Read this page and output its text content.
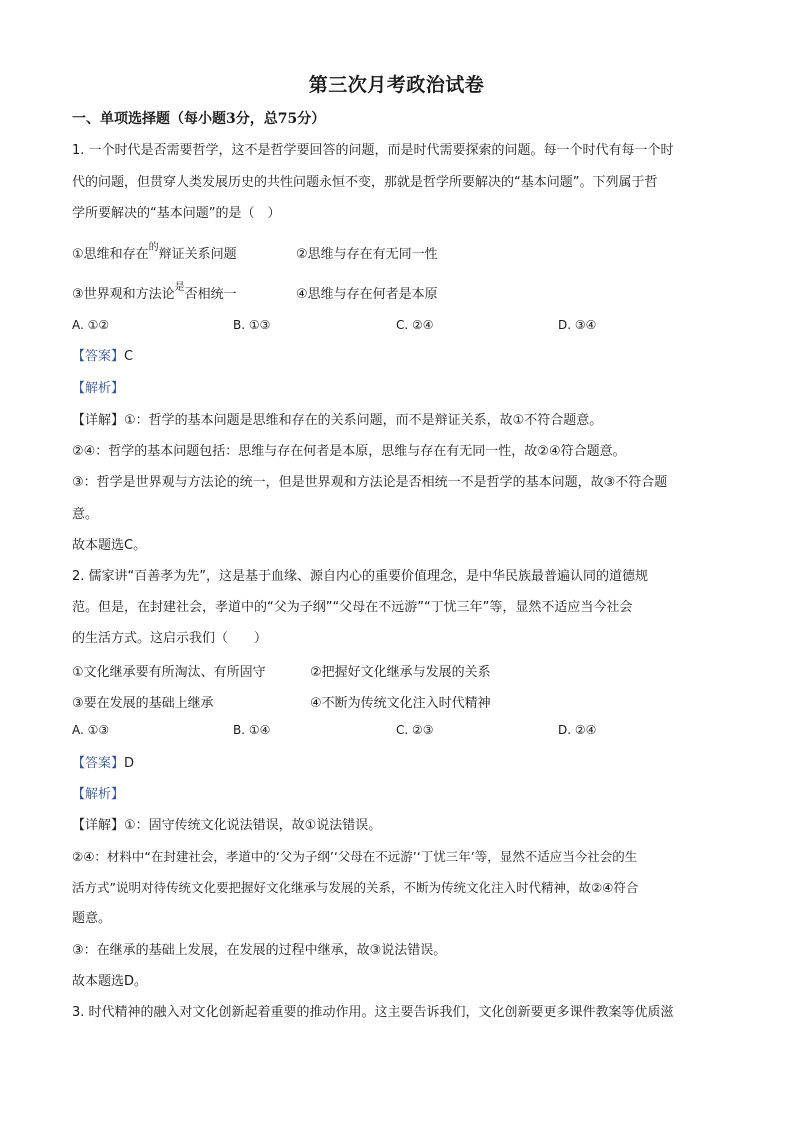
第三次月考政治试卷
一、单项选择题（每小题3分，总75分）
1. 一个时代是否需要哲学，这不是哲学要回答的问题，而是时代需要探索的问题。每一个时代有每一个时
代的问题，但贯穿人类发展历史的共性问题永恒不变，那就是哲学所要解决的“基本问题”。下列属于哲
学所要解决的“基本问题”的是（　）
①思维和存在$^的$辩证关系问题	②思维与存在有无同一性
③世界观和方法论$^是$否相统一	④思维与存在何者是本原
A. ①②	B. ①③	C. ②④	D. ③④
【答案】C
【解析】
【详解】①：哲学的基本问题是思维和存在的关系问题，而不是辩证关系，故①不符合题意。
②④：哲学的基本问题包括：思维与存在何者是本原，思维与存在有无同一性，故②④符合题意。
③：哲学是世界观与方法论的统一，但是世界观和方法论是否相统一不是哲学的基本问题，故③不符合题
意。
故本题选C。
2. 儒家讲“百善孝为先”，这是基于血缘、源自内心的重要价值理念，是中华民族最普遍认同的道德规
范。但是，在封建社会，孝道中的“父为子纲”“父母在不远游”“丁忧三年”等，显然不适应当今社会
的生活方式。这启示我们（　　）
①文化继承要有所淘汰、有所固守	②把握好文化继承与发展的关系
③要在发展的基础上继承	④不断为传统文化注入时代精神
A. ①③	B. ①④	C. ②③	D. ②④
【答案】D
【解析】
【详解】①：固守传统文化说法错误，故①说法错误。
②④：材料中“在封建社会，孝道中的‘父为子纲’‘父母在不远游’‘丁忧三年’等，显然不适应当今社会的生
活方式”说明对待传统文化要把握好文化继承与发展的关系，不断为传统文化注入时代精神，故②④符合
题意。
③：在继承的基础上发展，在发展的过程中继承，故③说法错误。
故本题选D。
3. 时代精神的融入对文化创新起着重要的推动作用。这主要告诉我们，文化创新要更多课件教案等优质滋
